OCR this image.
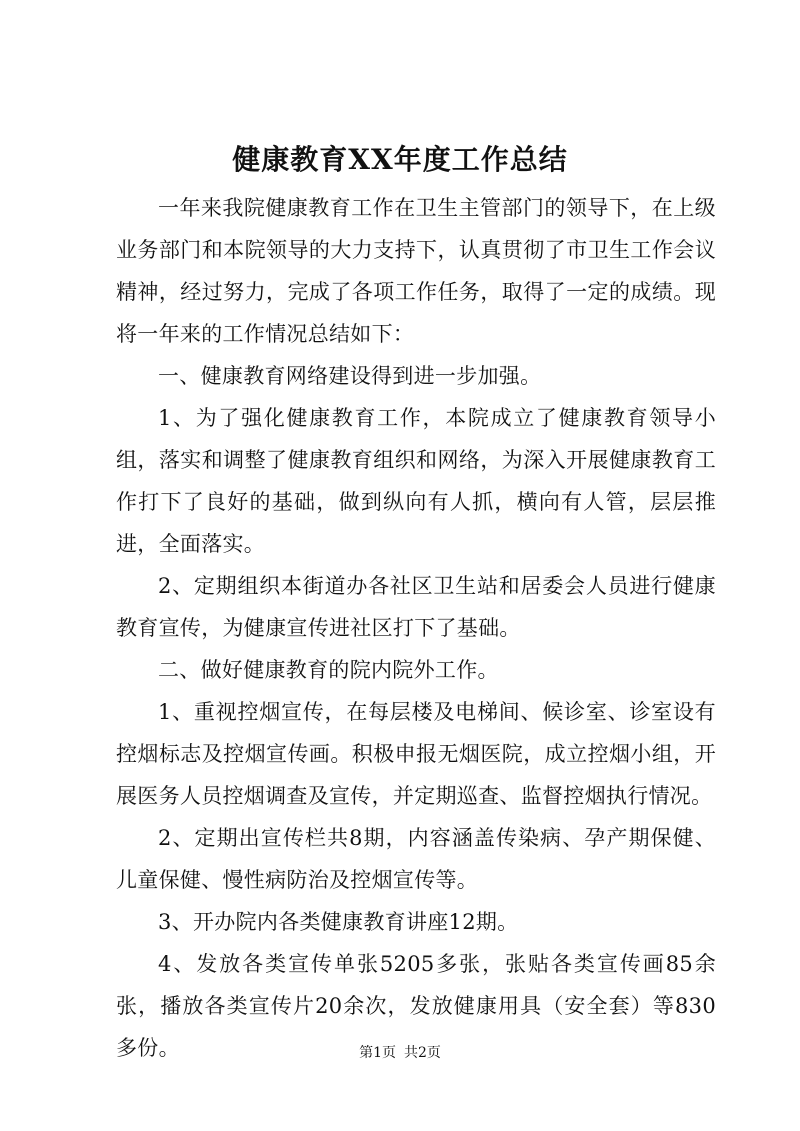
健康教育XX年度工作总结

一年来我院健康教育工作在卫生主管部门的领导下，在上级业务部门和本院领导的大力支持下，认真贯彻了市卫生工作会议精神，经过努力，完成了各项工作任务，取得了一定的成绩。现将一年来的工作情况总结如下：

一、健康教育网络建设得到进一步加强。

1、为了强化健康教育工作，本院成立了健康教育领导小组，落实和调整了健康教育组织和网络，为深入开展健康教育工作打下了良好的基础，做到纵向有人抓，横向有人管，层层推进，全面落实。

2、定期组织本街道办各社区卫生站和居委会人员进行健康教育宣传，为健康宣传进社区打下了基础。

二、做好健康教育的院内院外工作。

1、重视控烟宣传，在每层楼及电梯间、候诊室、诊室设有控烟标志及控烟宣传画。积极申报无烟医院，成立控烟小组，开展医务人员控烟调查及宣传，并定期巡查、监督控烟执行情况。

2、定期出宣传栏共8期，内容涵盖传染病、孕产期保健、儿童保健、慢性病防治及控烟宣传等。

3、开办院内各类健康教育讲座12期。

4、发放各类宣传单张5205多张，张贴各类宣传画85余张，播放各类宣传片20余次，发放健康用具（安全套）等830多份。	第1页 共2页
